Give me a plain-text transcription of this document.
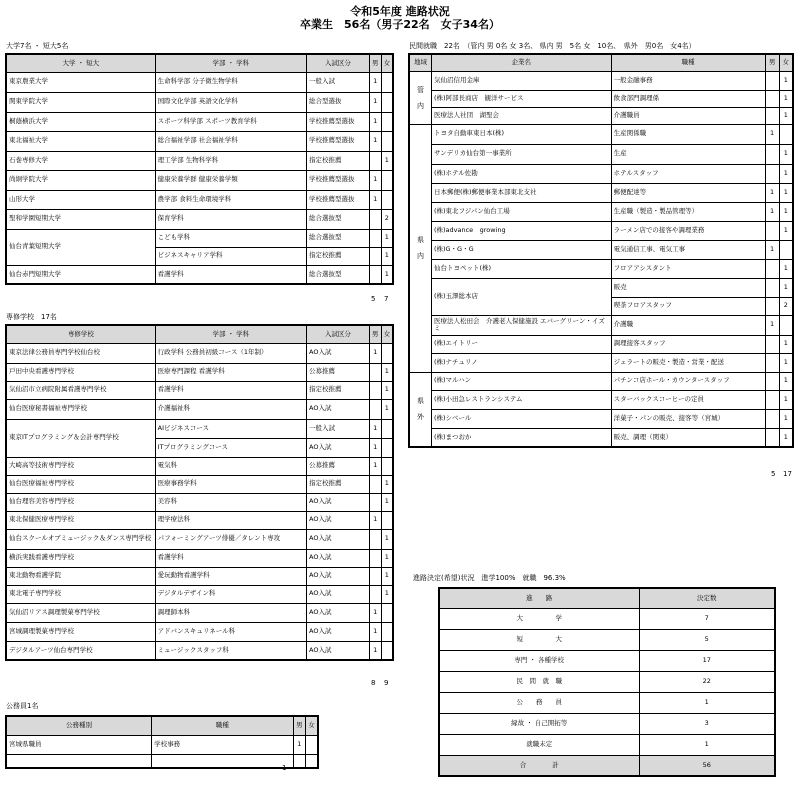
令和5年度 進路状況
卒業生　56名（男子22名　女子34名）
大学7名 ・ 短大5名
大学 ・ 短大	学部 ・ 学科	入試区分	男	女
東京農業大学	生命科学部 分子微生物学科	一般入試	1	
関東学院大学	国際文化学部 英語文化学科	総合型選抜	1	
桐蔭横浜大学	スポーツ科学部 スポーツ教育学科	学校推薦型選抜	1	
東北福祉大学	総合福祉学部 社会福祉学科	学校推薦型選抜	1	
石巻専修大学	理工学部 生物科学科	指定校推薦		1
尚絅学院大学	健康栄養学群 健康栄養学類	学校推薦型選抜	1	
山形大学	農学部 食料生命環境学科	学校推薦型選抜	1	
聖和学園短期大学	保育学科	総合選抜型		2
仙台青葉短期大学	こども学科	総合選抜型		1
	ビジネスキャリア学科	指定校推薦		1
仙台赤門短期大学	看護学科	総合選抜型		1
5 7
専修学校　17名
専修学校	学部 ・ 学科	入試区分	男	女
東京法律公務員専門学校仙台校	行政学科 公務員初級コース（1年制）	AO入試	1	
戸田中央看護専門学校	医療専門課程 看護学科	公募推薦		1
気仙沼市立病院附属看護専門学校	看護学科	指定校推薦		1
仙台医療秘書福祉専門学校	介護福祉科	AO入試		1
東京ITプログラミング＆会計専門学校	AIビジネスコース	一般入試	1	
	ITプログラミングコース	AO入試	1	
大崎高等技術専門学校	電気科	公募推薦	1	
仙台医療福祉専門学校	医療事務学科	指定校推薦		1
仙台理容美容専門学校	美容科	AO入試		1
東北保健医療専門学校	理学療法科	AO入試	1	
仙台スクールオブミュージック＆ダンス専門学校	パフォーミングアーツ俳優／タレント専攻	AO入試		1
横浜実践看護専門学校	看護学科	AO入試		1
東北動物看護学院	愛玩動物看護学科	AO入試		1
東北電子専門学校	デジタルデザイン科	AO入試		1
気仙沼リアス調理製菓専門学校	調理師本科	AO入試	1	
宮城調理製菓専門学校	アドバンスキュリネール科	AO入試	1	
デジタルアーツ仙台専門学校	ミュージックスタッフ科	AO入試	1	
8 9
公務員1名
公務種別	職種	男	女
宮城県職員	学校事務	1	

1
民間就職　22名　（管内 男 0名 女 3名、 県内 男　5名 女　10名、　県外　男0名　女4名）
地域	企業名	職種	男	女
管
内	気仙沼信用金庫	一般金融事務		1
	(株)阿部長商店　観洋サービス	飲食部門調理係		1
	医療法人社団　湖聖会	介護職員		1
県
内	トヨタ自動車東日本(株)	生産関係職	1	
	サンデリカ仙台第一事業所	生産		1
	(株)ホテル佐勘	ホテルスタッフ		1
	日本郵便(株)郵便事業本部東北支社	郵便配達等	1	1
	(株)東北フジパン仙台工場	生産職（製造・製品管理等）	1	1
	(株)advance　growing	ラーメン店での接客や調理業務		1
	(株)G・G・G	電気通信工事、電気工事	1	
	仙台トヨペット(株)	フロアアシスタント		1
	(株)玉澤総本店	販売		1
		喫茶フロアスタッフ		2
	医療法人松田会　介護老人保健施設 エバーグリーン・イズミ	介護職	1	
	(株)エイトリー	調理接客スタッフ		1
	(株)ナチュリノ	ジェラートの販売・製造・営業・配送		1
県
外	(株)マルハン	パチンコ店ホール・カウンタースタッフ		1
	(株)小田急レストランシステム	スターバックスコーヒーの定員		1
	(株)シベール	洋菓子・パンの販売、接客等（宮城）		1
	(株)まつおか	販売、調理（関東）		1
5 17
進路決定(希望)状況　進学100%　就職　96.3%
進　　路	決定数
大　　　　　学	7
短　　　　　大	5
専門 ・ 各種学校	17
民　間　就　職	22
公　　務　　員	1
縁故 ・ 自己開拓等	3
就職未定	1
合　　　　計	56
